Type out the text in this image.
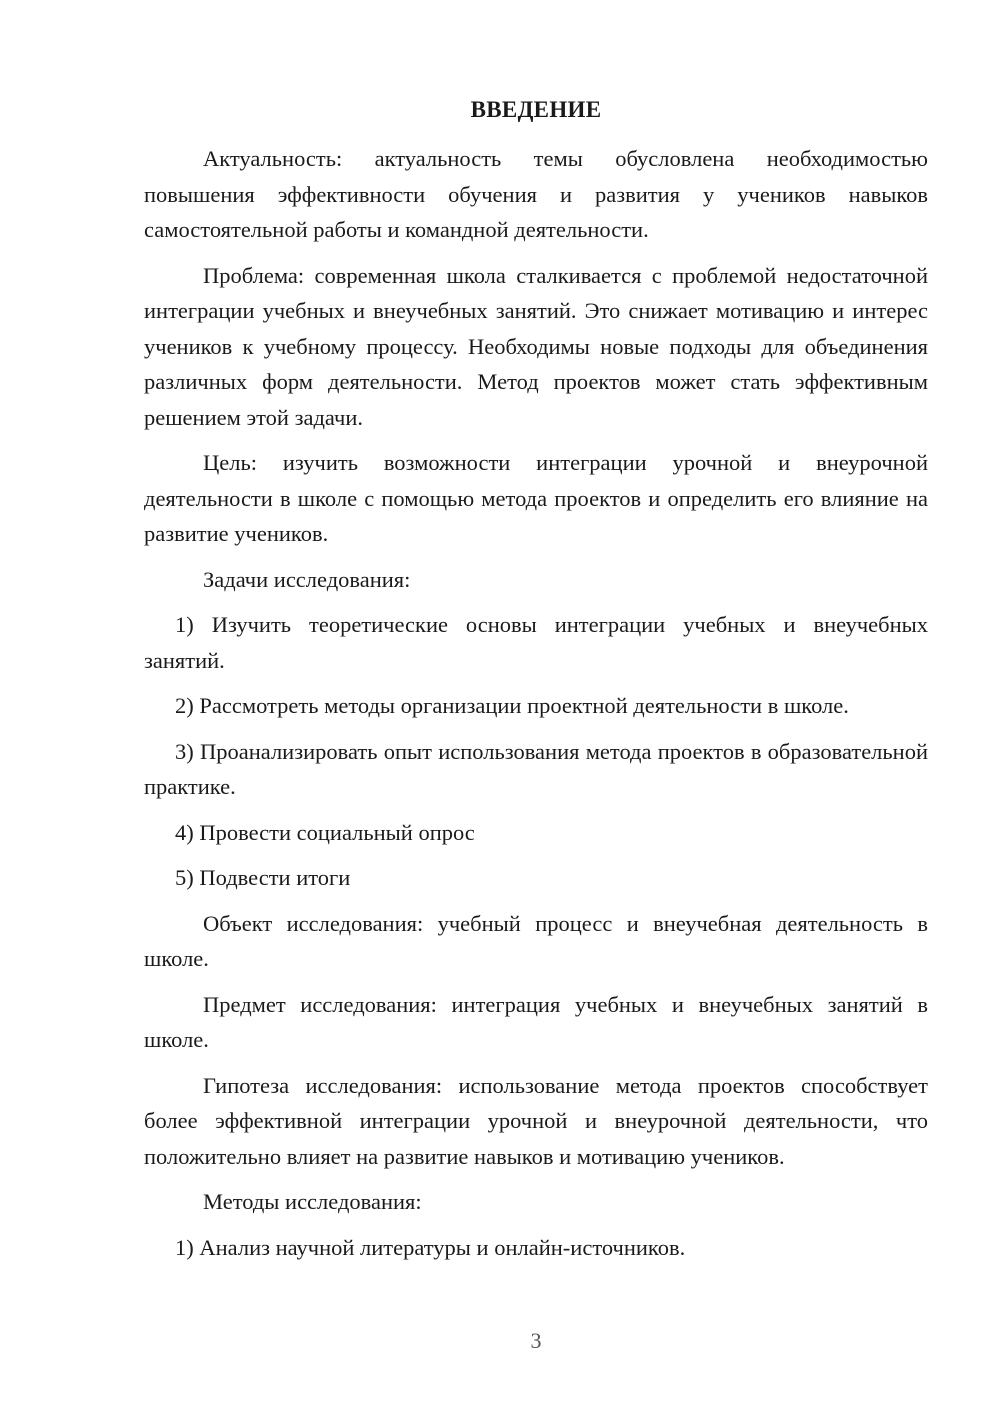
ВВЕДЕНИЕ

Актуальность: актуальность темы обусловлена необходимостью повышения эффективности обучения и развития у учеников навыков самостоятельной работы и командной деятельности.

Проблема: современная школа сталкивается с проблемой недостаточной интеграции учебных и внеучебных занятий. Это снижает мотивацию и интерес учеников к учебному процессу. Необходимы новые подходы для объединения различных форм деятельности. Метод проектов может стать эффективным решением этой задачи.

Цель: изучить возможности интеграции урочной и внеурочной деятельности в школе с помощью метода проектов и определить его влияние на развитие учеников.

Задачи исследования:

1) Изучить теоретические основы интеграции учебных и внеучебных занятий.

2) Рассмотреть методы организации проектной деятельности в школе.

3) Проанализировать опыт использования метода проектов в образовательной практике.

4) Провести социальный опрос

5) Подвести итоги

Объект исследования: учебный процесс и внеучебная деятельность в школе.

Предмет исследования: интеграция учебных и внеучебных занятий в школе.

Гипотеза исследования: использование метода проектов способствует более эффективной интеграции урочной и внеурочной деятельности, что положительно влияет на развитие навыков и мотивацию учеников.

Методы исследования:

1) Анализ научной литературы и онлайн-источников.

3
